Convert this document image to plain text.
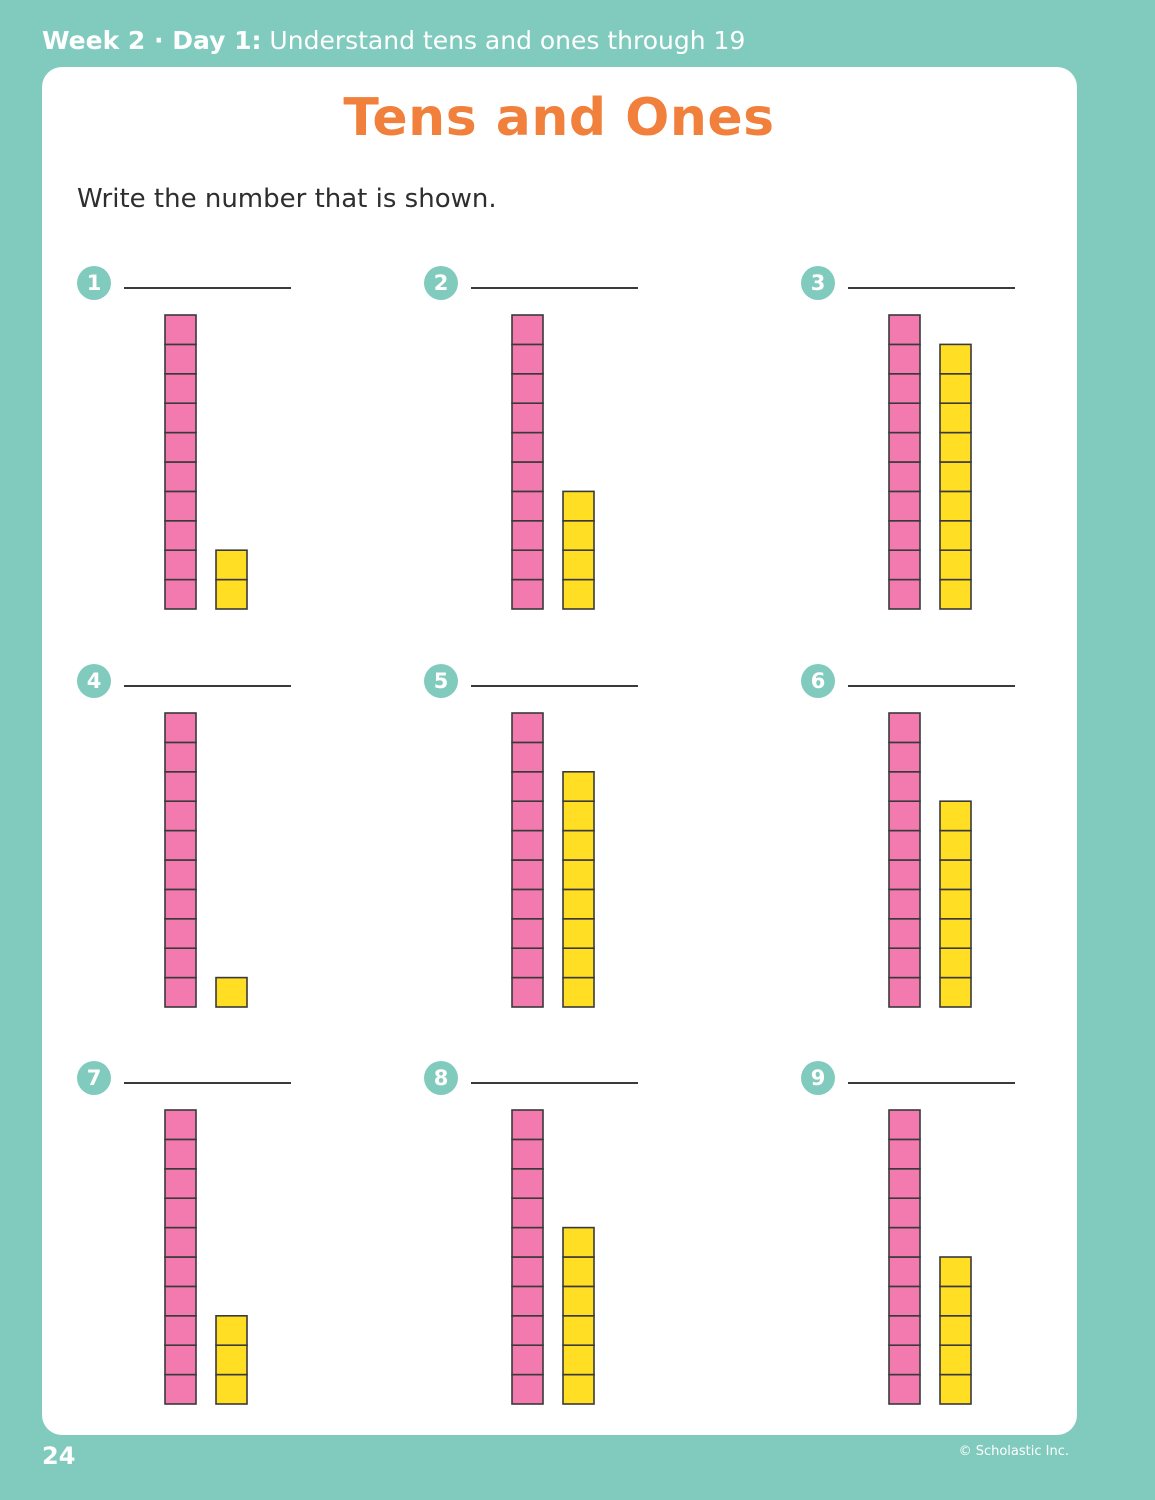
Week 2 · Day 1: Understand tens and ones through 19
Tens and Ones
Write the number that is shown.
1	2	3
4	5	6
7	8	9
24	© Scholastic Inc.
